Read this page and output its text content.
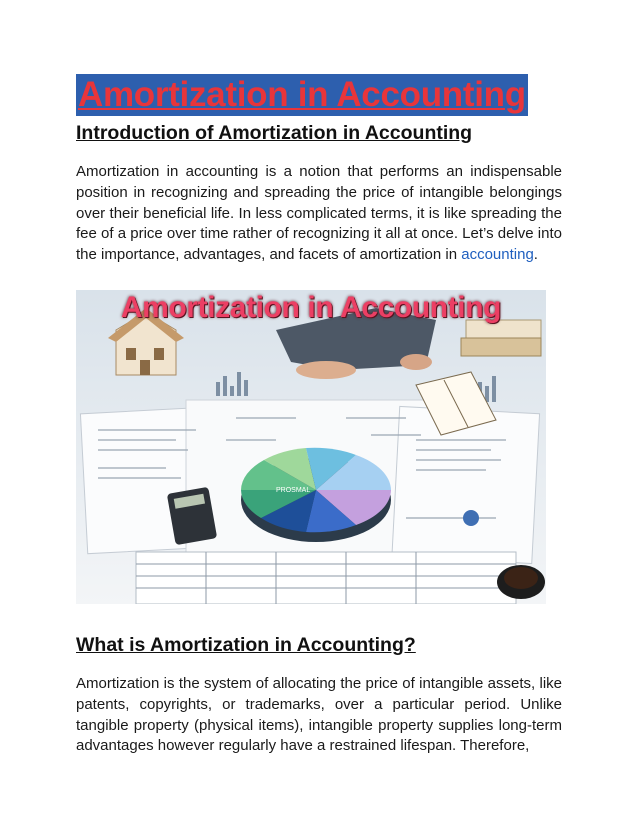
Amortization in Accounting
Introduction of Amortization in Accounting

Amortization in accounting is a notion that performs an indispensable position in recognizing and spreading the price of intangible belongings over their beneficial life. In less complicated terms, it is like spreading the fee of a price over time rather of recognizing it all at once. Let’s delve into the importance, advantages, and facets of amortization in accounting.

PROSMAL
Amortization in Accounting
What is Amortization in Accounting?

Amortization is the system of allocating the price of intangible assets, like patents, copyrights, or trademarks, over a particular period. Unlike tangible property (physical items), intangible property supplies long-term advantages however regularly have a restrained lifespan. Therefore,
